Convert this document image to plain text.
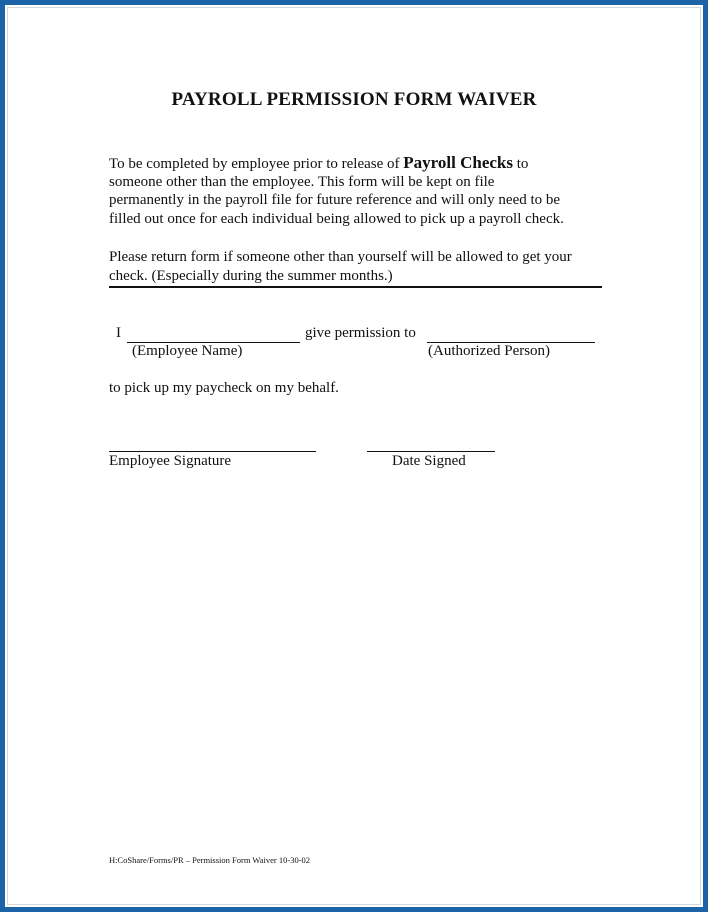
PAYROLL PERMISSION FORM WAIVER
To be completed by employee prior to release of Payroll Checks to
someone other than the employee. This form will be kept on file
permanently in the payroll file for future reference and will only need to be
filled out once for each individual being allowed to pick up a payroll check.
Please return form if someone other than yourself will be allowed to get your
check. (Especially during the summer months.)
I	give permission to
(Employee Name)	(Authorized Person)
to pick up my paycheck on my behalf.
Employee Signature	Date Signed
H:CoShare/Forms/PR – Permission Form Waiver 10-30-02
